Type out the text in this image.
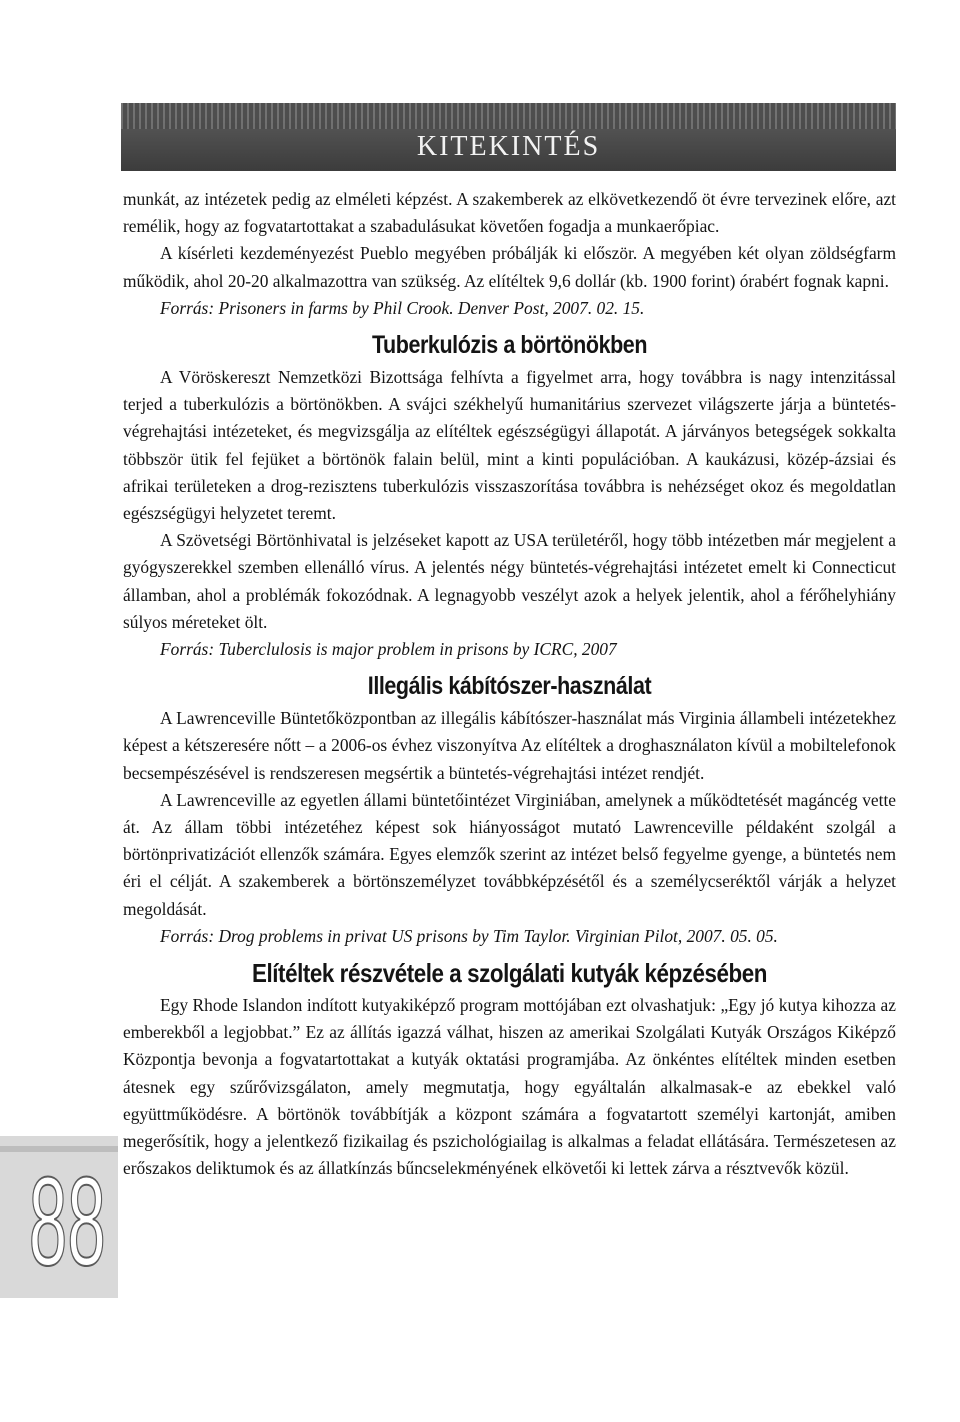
KITEKINTÉS

munkát, az intézetek pedig az elméleti képzést. A szakemberek az elkövetkezendő öt évre tervezinek előre, azt remélik, hogy az fogvatartottakat a szabadulásukat követően fogadja a munkaerőpiac.

A kísérleti kezdeményezést Pueblo megyében próbálják ki először. A megyében két olyan zöldségfarm működik, ahol 20-20 alkalmazottra van szükség. Az elítéltek 9,6 dollár (kb. 1900 forint) órabért fognak kapni.

Forrás: Prisoners in farms by Phil Crook. Denver Post, 2007. 02. 15.

Tuberkulózis a börtönökben

A Vöröskereszt Nemzetközi Bizottsága felhívta a figyelmet arra, hogy továbbra is nagy intenzitással terjed a tuberkulózis a börtönökben. A svájci székhelyű humanitárius szervezet világszerte járja a büntetés-végrehajtási intézeteket, és megvizsgálja az elítéltek egészségügyi állapotát. A járványos betegségek sokkalta többször ütik fel fejüket a börtönök falain belül, mint a kinti populációban. A kaukázusi, közép-ázsiai és afrikai területeken a drog-rezisztens tuberkulózis visszaszorítása továbbra is nehézséget okoz és megoldatlan egészségügyi helyzetet teremt.

A Szövetségi Börtönhivatal is jelzéseket kapott az USA területéről, hogy több intézetben már megjelent a gyógyszerekkel szemben ellenálló vírus. A jelentés négy büntetés-végrehajtási intézetet emelt ki Connecticut államban, ahol a problémák fokozódnak. A legnagyobb veszélyt azok a helyek jelentik, ahol a férőhelyhiány súlyos méreteket ölt.

Forrás: Tuberclulosis is major problem in prisons by ICRC, 2007

Illegális kábítószer-használat

A Lawrenceville Büntetőközpontban az illegális kábítószer-használat más Virginia állambeli intézetekhez képest a kétszeresére nőtt – a 2006-os évhez viszonyítva Az elítéltek a droghasználaton kívül a mobiltelefonok becsempészésével is rendszeresen megsértik a büntetés-végrehajtási intézet rendjét.

A Lawrenceville az egyetlen állami büntetőintézet Virginiában, amelynek a működtetését magáncég vette át. Az állam többi intézetéhez képest sok hiányosságot mutató Lawrenceville példaként szolgál a börtönprivatizációt ellenzők számára. Egyes elemzők szerint az intézet belső fegyelme gyenge, a büntetés nem éri el célját. A szakemberek a börtönszemélyzet továbbképzésétől és a személycseréktől várják a helyzet megoldását.

Forrás: Drog problems in privat US prisons by Tim Taylor. Virginian Pilot, 2007. 05. 05.

Elítéltek részvétele a szolgálati kutyák képzésében

Egy Rhode Islandon indított kutyakiképző program mottójában ezt olvashatjuk: „Egy jó kutya kihozza az emberekből a legjobbat.” Ez az állítás igazzá válhat, hiszen az amerikai Szolgálati Kutyák Országos Kiképző Központja bevonja a fogvatartottakat a kutyák oktatási programjába. Az önkéntes elítéltek minden esetben átesnek egy szűrővizsgálaton, amely megmutatja, hogy egyáltalán alkalmasak-e az ebekkel való együttműködésre. A börtönök továbbítják a központ számára a fogvatartott személyi kartonját, amiben megerősítik, hogy a jelentkező fizikailag és pszichológiailag is alkalmas a feladat ellátására. Természetesen az erőszakos deliktumok és az állatkínzás bűncselekményének elkövetői ki lettek zárva a résztvevők közül.

88
